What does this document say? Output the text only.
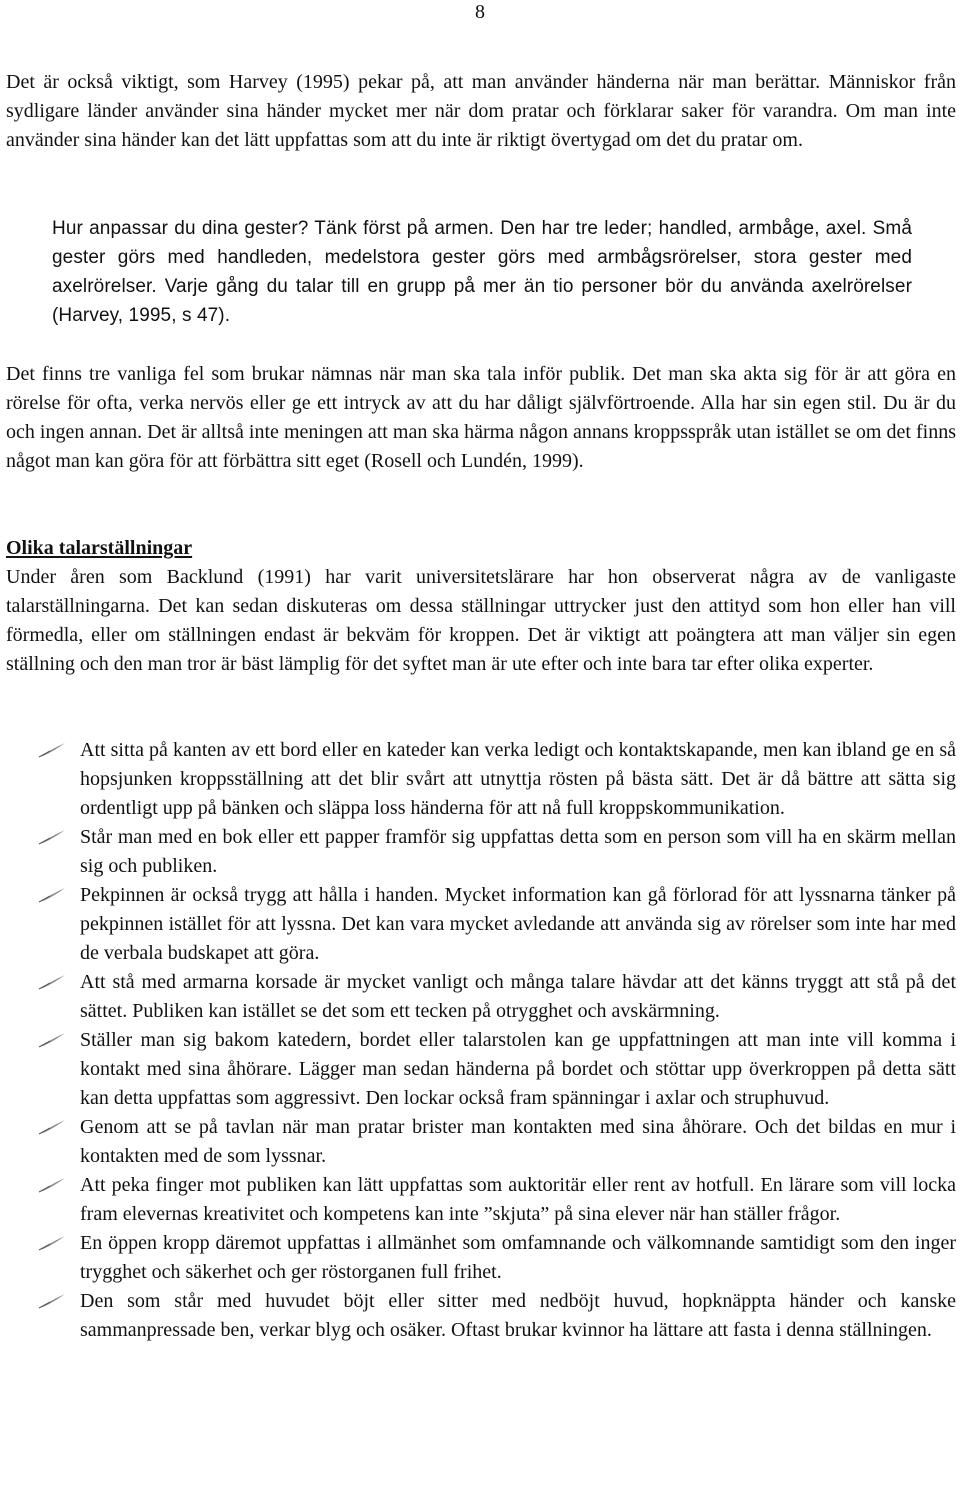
8

Det är också viktigt, som Harvey (1995) pekar på, att man använder händerna när man berättar. Människor från sydligare länder använder sina händer mycket mer när dom pratar och förklarar saker för varandra. Om man inte använder sina händer kan det lätt uppfattas som att du inte är riktigt övertygad om det du pratar om.

Hur anpassar du dina gester? Tänk först på armen. Den har tre leder; handled, armbåge, axel. Små gester görs med handleden, medelstora gester görs med armbågsrörelser, stora gester med axelrörelser. Varje gång du talar till en grupp på mer än tio personer bör du använda axelrörelser (Harvey, 1995, s 47).

Det finns tre vanliga fel som brukar nämnas när man ska tala inför publik. Det man ska akta sig för är att göra en rörelse för ofta, verka nervös eller ge ett intryck av att du har dåligt självförtroende. Alla har sin egen stil. Du är du och ingen annan. Det är alltså inte meningen att man ska härma någon annans kroppsspråk utan istället se om det finns något man kan göra för att förbättra sitt eget (Rosell och Lundén, 1999).

Olika talarställningar

Under åren som Backlund (1991) har varit universitetslärare har hon observerat några av de vanligaste talarställningarna. Det kan sedan diskuteras om dessa ställningar uttrycker just den attityd som hon eller han vill förmedla, eller om ställningen endast är bekväm för kroppen. Det är viktigt att poängtera att man väljer sin egen ställning och den man tror är bäst lämplig för det syftet man är ute efter och inte bara tar efter olika experter.

Att sitta på kanten av ett bord eller en kateder kan verka ledigt och kontaktskapande, men kan ibland ge en så hopsjunken kroppsställning att det blir svårt att utnyttja rösten på bästa sätt. Det är då bättre att sätta sig ordentligt upp på bänken och släppa loss händerna för att nå full kroppskommunikation.
Står man med en bok eller ett papper framför sig uppfattas detta som en person som vill ha en skärm mellan sig och publiken.
Pekpinnen är också trygg att hålla i handen. Mycket information kan gå förlorad för att lyssnarna tänker på pekpinnen istället för att lyssna. Det kan vara mycket avledande att använda sig av rörelser som inte har med de verbala budskapet att göra.
Att stå med armarna korsade är mycket vanligt och många talare hävdar att det känns tryggt att stå på det sättet. Publiken kan istället se det som ett tecken på otrygghet och avskärmning.
Ställer man sig bakom katedern, bordet eller talarstolen kan ge uppfattningen att man inte vill komma i kontakt med sina åhörare. Lägger man sedan händerna på bordet och stöttar upp överkroppen på detta sätt kan detta uppfattas som aggressivt. Den lockar också fram spänningar i axlar och struphuvud.
Genom att se på tavlan när man pratar brister man kontakten med sina åhörare. Och det bildas en mur i kontakten med de som lyssnar.
Att peka finger mot publiken kan lätt uppfattas som auktoritär eller rent av hotfull. En lärare som vill locka fram elevernas kreativitet och kompetens kan inte ”skjuta” på sina elever när han ställer frågor.
En öppen kropp däremot uppfattas i allmänhet som omfamnande och välkomnande samtidigt som den inger trygghet och säkerhet och ger röstorganen full frihet.
Den som står med huvudet böjt eller sitter med nedböjt huvud, hopknäppta händer och kanske sammanpressade ben, verkar blyg och osäker. Oftast brukar kvinnor ha lättare att fasta i denna ställningen.
